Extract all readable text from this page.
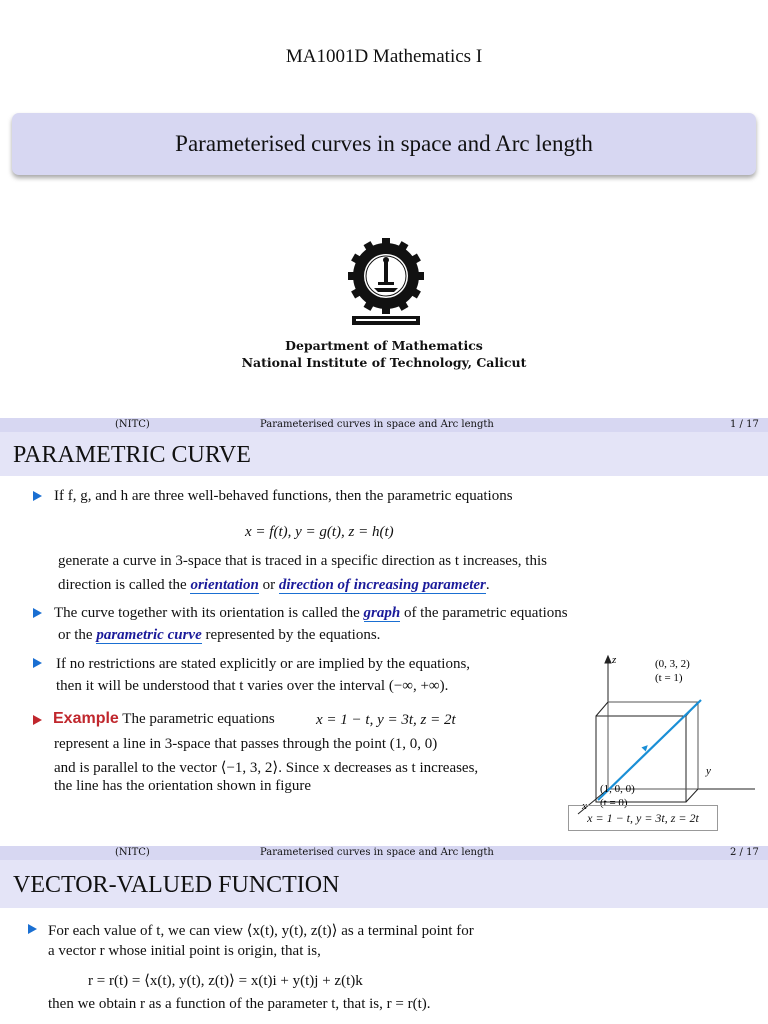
MA1001D Mathematics I
Parameterised curves in space and Arc length
Department of Mathematics
National Institute of Technology, Calicut
(NITC)	Parameterised curves in space and Arc length	1 / 17
PARAMETRIC CURVE
If f, g, and h are three well-behaved functions, then the parametric equations
x = f(t), y = g(t), z = h(t)
generate a curve in 3-space that is traced in a specific direction as t increases, this
direction is called the orientation or direction of increasing parameter.
The curve together with its orientation is called the graph of the parametric equations
or the parametric curve represented by the equations.
If no restrictions are stated explicitly or are implied by the equations,
then it will be understood that t varies over the interval (−∞, +∞).
Example The parametric equations	x = 1 − t, y = 3t, z = 2t
represent a line in 3-space that passes through the point (1, 0, 0)
and is parallel to the vector ⟨−1, 3, 2⟩. Since x decreases as t increases,
the line has the orientation shown in figure
z
y
x
(0, 3, 2)
(t = 1)
(1, 0, 0)
(t = 0)
x = 1 − t, y = 3t, z = 2t
(NITC)	Parameterised curves in space and Arc length	2 / 17
VECTOR-VALUED FUNCTION
For each value of t, we can view ⟨x(t), y(t), z(t)⟩ as a terminal point for
a vector r whose initial point is origin, that is,
r = r(t) = ⟨x(t), y(t), z(t)⟩ = x(t)i + y(t)j + z(t)k
then we obtain r as a function of the parameter t, that is, r = r(t).
